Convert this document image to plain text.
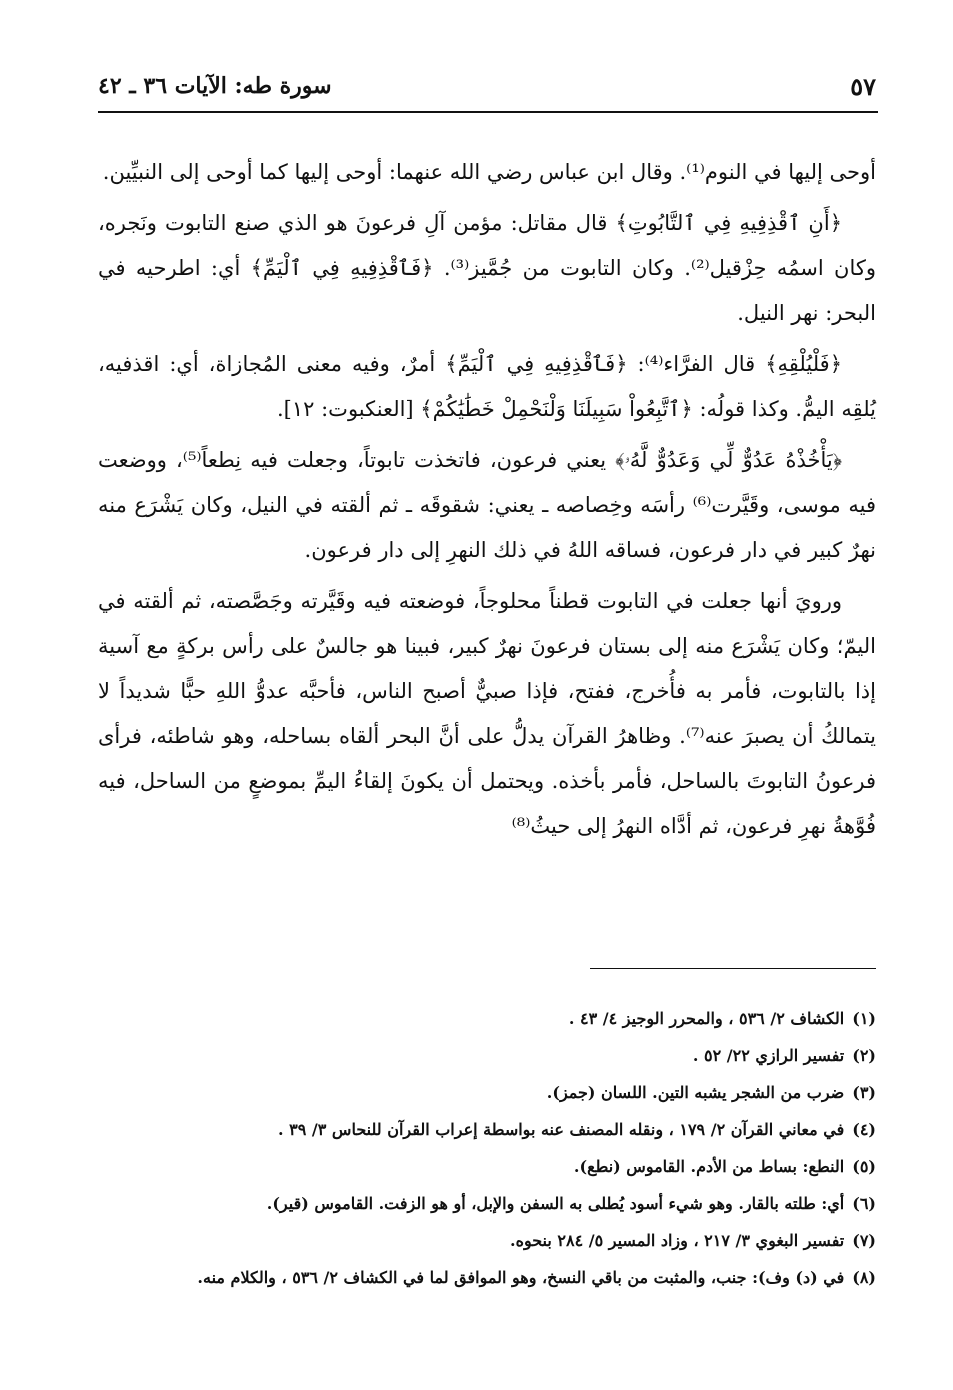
سورة طه: الآيات ٣٦ ـ ٤٢	٥٧

أوحى إليها في النوم⁽¹⁾. وقال ابن عباس رضي الله عنهما: أوحى إليها كما أوحى إلى النبيِّين.

﴿أَنِ ٱقْذِفِيهِ فِي ٱلتَّابُوتِ﴾ قال مقاتل: مؤمن آلِ فرعونَ هو الذي صنع التابوت ونَجره، وكان اسمُه حِزْقيل⁽²⁾. وكان التابوت من جُمَّيز⁽³⁾. ﴿فَٱقْذِفِيهِ فِي ٱلْيَمِّ﴾ أي: اطرحيه في البحر: نهر النيل.

﴿فَلْيُلْقِهِ﴾ قال الفرَّاء⁽⁴⁾: ﴿فَٱقْذِفِيهِ فِي ٱلْيَمِّ﴾ أمرٌ، وفيه معنى المُجازاة، أي: اقذفيه، يُلقِه اليمُّ. وكذا قولُه: ﴿ٱتَّبِعُواْ سَبِيلَنَا وَلْنَحْمِلْ خَطَٰيَٰكُمْ﴾ [العنكبوت: ١٢].

﴿يَأْخُذْهُ عَدُوٌّ لِّي وَعَدُوٌّ لَّهُۥ﴾ يعني فرعون، فاتخذت تابوتاً، وجعلت فيه نِطعاً⁽⁵⁾، ووضعت فيه موسى، وقَيَّرت⁽⁶⁾ رأسَه وخِصاصه ـ يعني: شقوقَه ـ ثم ألقته في النيل، وكان يَشْرَع منه نهرٌ كبير في دار فرعون، فساقه اللهُ في ذلك النهرِ إلى دار فرعون.

ورويَ أنها جعلت في التابوت قطناً محلوجاً، فوضعته فيه وقَيَّرته وجَصَّصته، ثم ألقته في اليمّ؛ وكان يَشْرَع منه إلى بستان فرعونَ نهرٌ كبير، فبينا هو جالسٌ على رأس بركةٍ مع آسية إذا بالتابوت، فأمر به فأُخرج، ففتح، فإذا صبيٌّ أصبح الناس، فأحبَّه عدوُّ اللهِ حبًّا شديداً لا يتمالكُ أن يصبرَ عنه⁽⁷⁾. وظاهرُ القرآن يدلُّ على أنَّ البحر ألقاه بساحله، وهو شاطئه، فرأى فرعونُ التابوتَ بالساحل، فأمر بأخذه. ويحتمل أن يكونَ إلقاءُ اليمِّ بموضعٍ من الساحل، فيه فُوَّهةُ نهرِ فرعون، ثم أدَّاه النهرُ إلى حيثُ⁽⁸⁾

(١)الكشاف ٢/ ٥٣٦ ، والمحرر الوجيز ٤/ ٤٣ .
(٢)تفسير الرازي ٢٢/ ٥٢ .
(٣)ضرب من الشجر يشبه التين. اللسان (جمز).
(٤)في معاني القرآن ٢/ ١٧٩ ، ونقله المصنف عنه بواسطة إعراب القرآن للنحاس ٣/ ٣٩ .
(٥)النطع: بساط من الأدم. القاموس (نطع).
(٦)أي: طلته بالقار. وهو شيء أسود يُطلى به السفن والإبل، أو هو الزفت. القاموس (قير).
(٧)تفسير البغوي ٣/ ٢١٧ ، وزاد المسير ٥/ ٢٨٤ بنحوه.
(٨)في (د) وف): جنب، والمثبت من باقي النسخ، وهو الموافق لما في الكشاف ٢/ ٥٣٦ ، والكلام منه.
